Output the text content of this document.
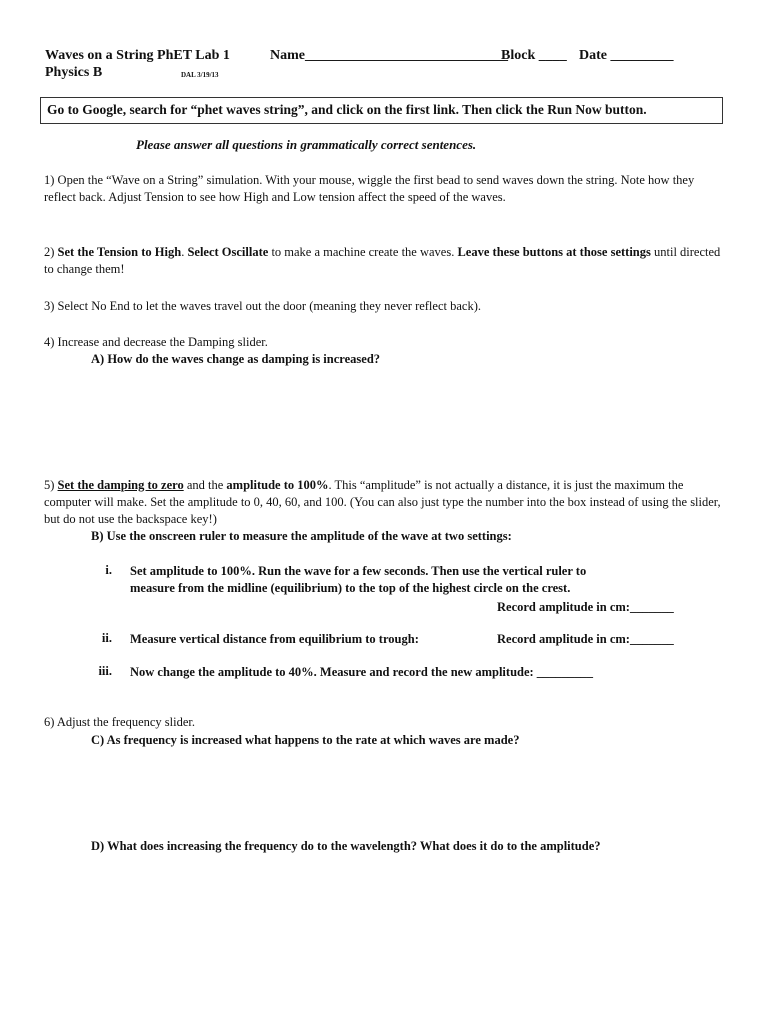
Waves on a String PhET Lab 1	Name_____________________________
Block ____ Date _________
Physics B	DAL 3/19/13
Go to Google, search for “phet waves string”, and click on the first link. Then click the Run Now button.
Please answer all questions in grammatically correct sentences.
1) Open the “Wave on a String” simulation. With your mouse, wiggle the first bead to send waves down the string. Note how they reflect back. Adjust Tension to see how High and Low tension affect the speed of the waves.
2) Set the Tension to High. Select Oscillate to make a machine create the waves. Leave these buttons at those settings until directed to change them!
3) Select No End to let the waves travel out the door (meaning they never reflect back).
4) Increase and decrease the Damping slider.
A) How do the waves change as damping is increased?
5) Set the damping to zero and the amplitude to 100%. This “amplitude” is not actually a distance, it is just the maximum the computer will make. Set the amplitude to 0, 40, 60, and 100. (You can also just type the number into the box instead of using the slider, but do not use the backspace key!)
B) Use the onscreen ruler to measure the amplitude of the wave at two settings:
i. Set amplitude to 100%. Run the wave for a few seconds. Then use the vertical ruler to
measure from the midline (equilibrium) to the top of the highest circle on the crest.
Record amplitude in cm:_______
ii. Measure vertical distance from equilibrium to trough:	Record amplitude in cm:_______
iii. Now change the amplitude to 40%. Measure and record the new amplitude: _________
6) Adjust the frequency slider.
C) As frequency is increased what happens to the rate at which waves are made?
D) What does increasing the frequency do to the wavelength? What does it do to the amplitude?
